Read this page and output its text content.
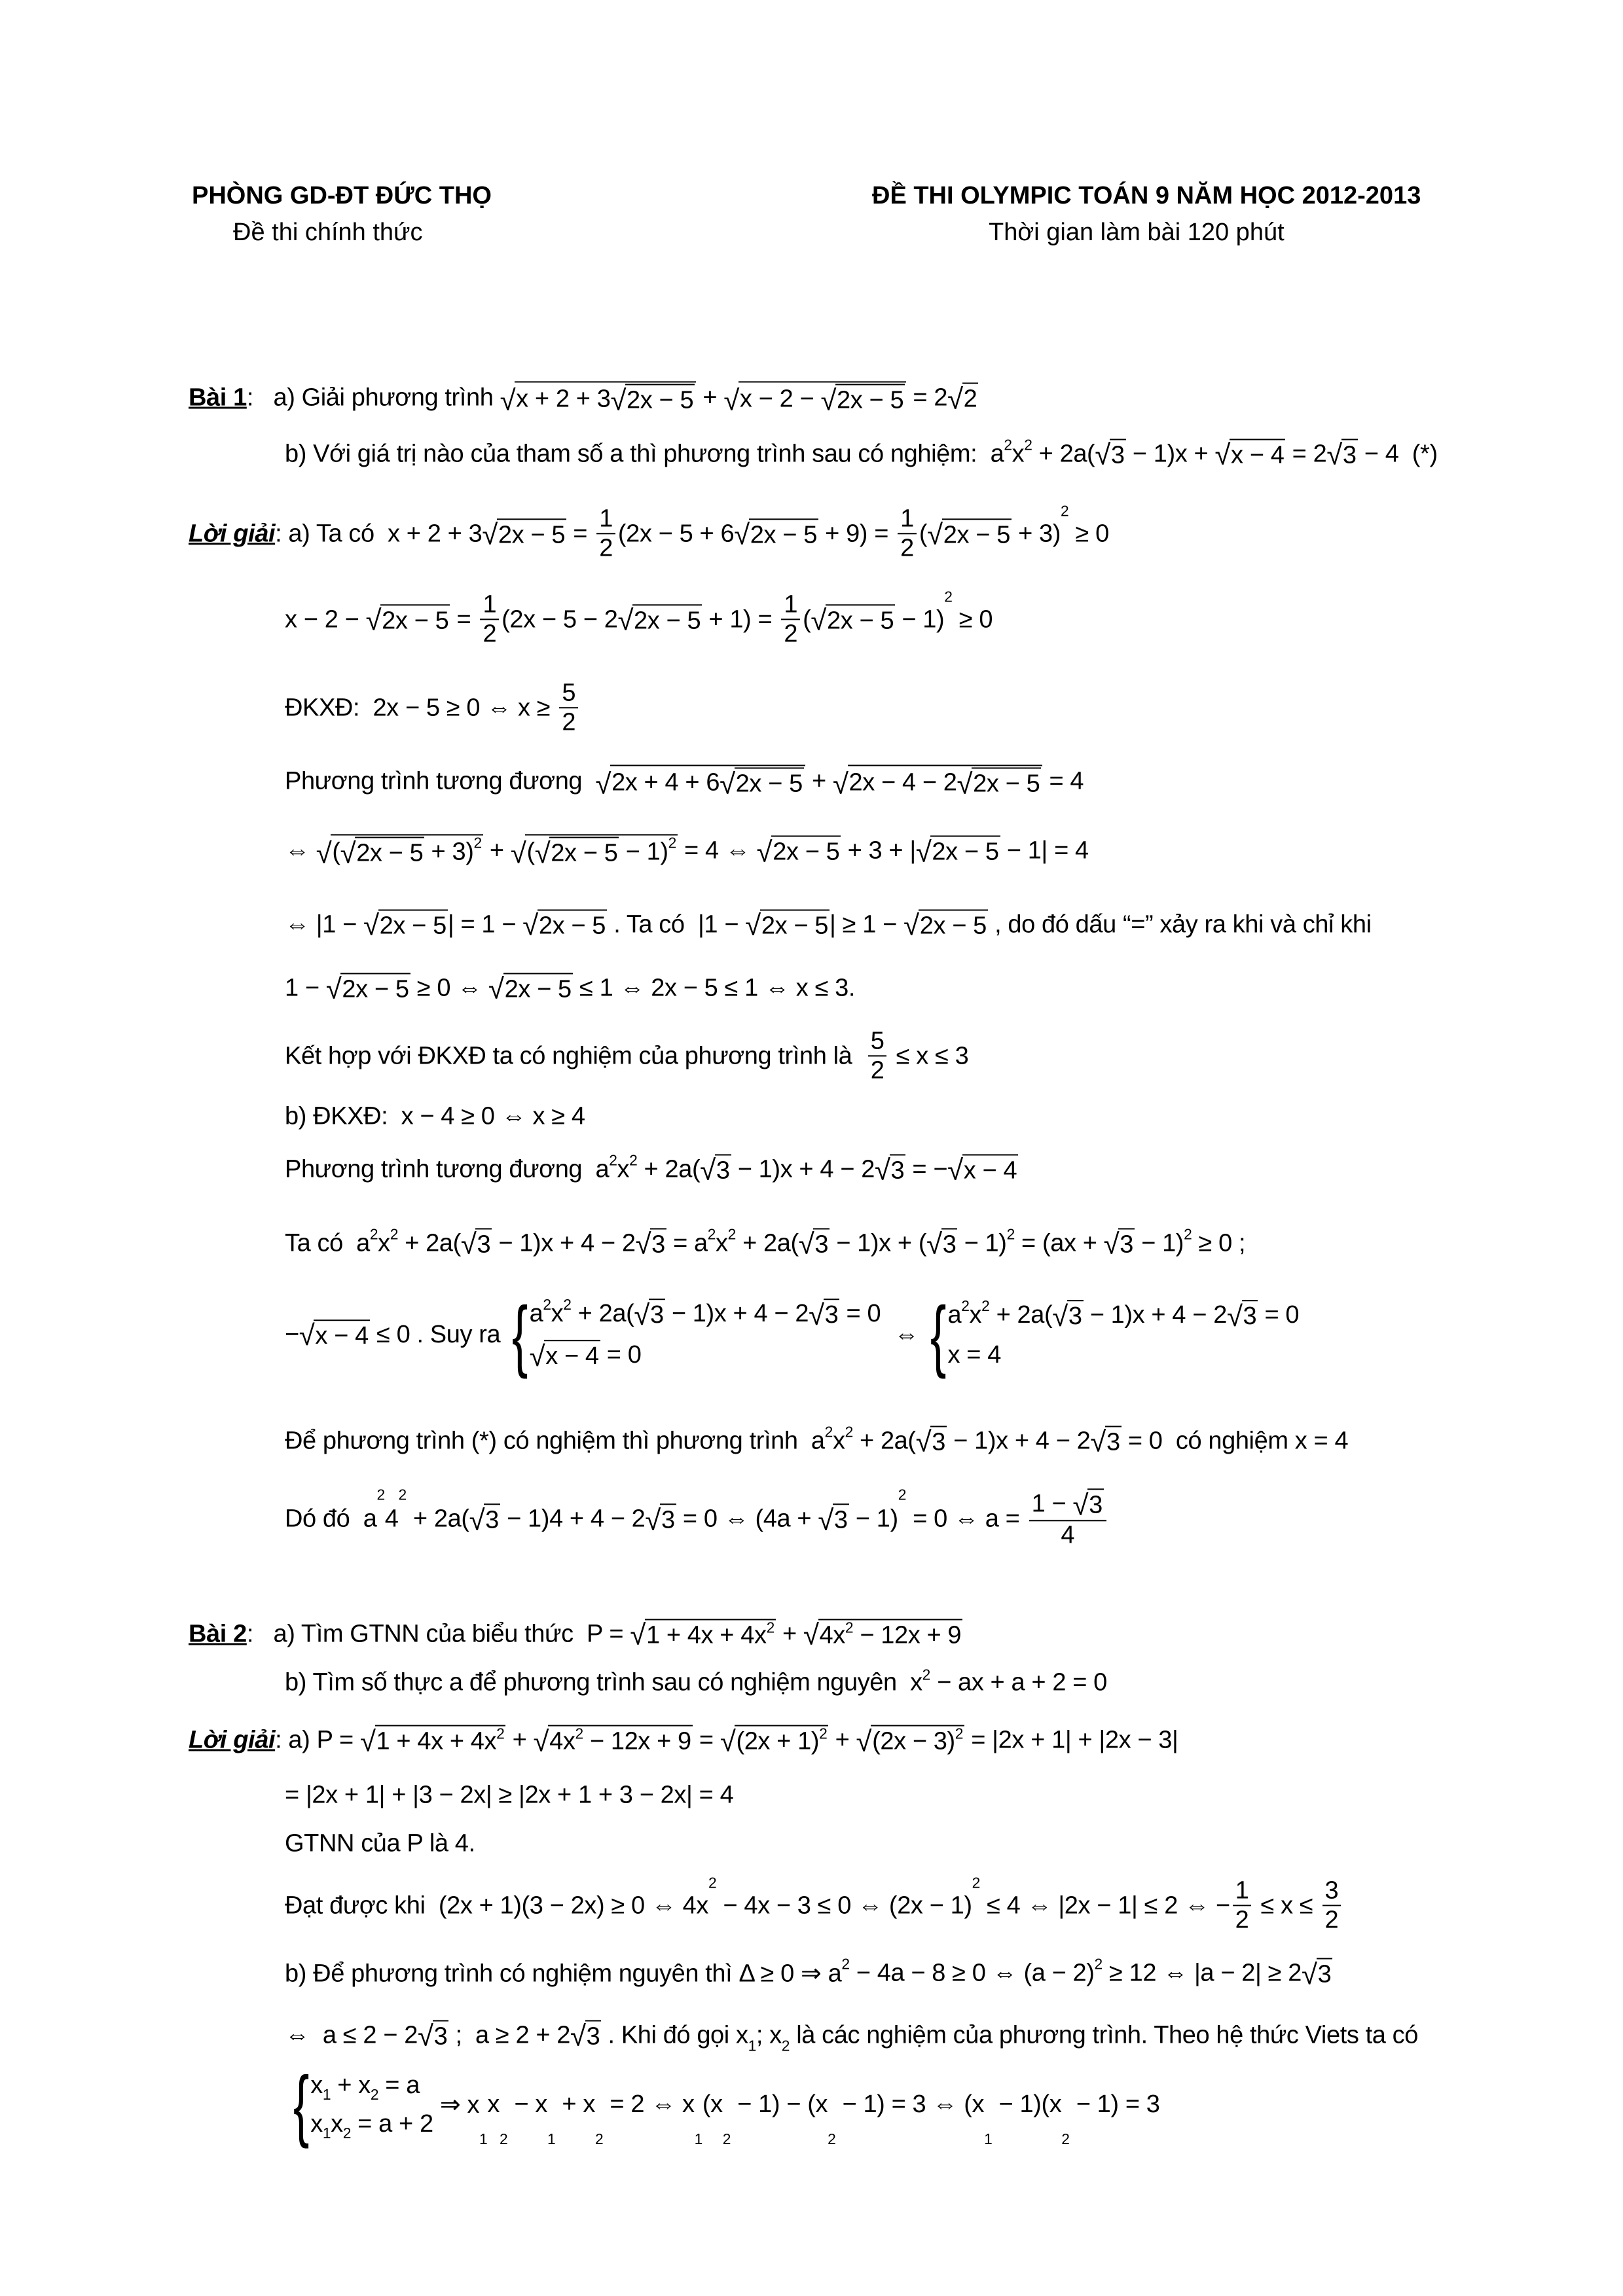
PHÒNG GD-ĐT ĐỨC THỌ
Đề thi chính thức
ĐỀ THI OLYMPIC TOÁN 9 NĂM HỌC 2012-2013
Thời gian làm bài 120 phút
Bài 1 :   a) Giải phương trình √ x + 2 + 3 √ 2x − 5 + √ x − 2 − √ 2x − 5 = 2 √ 2
b) Với giá trị nào của tham số a thì phương trình sau có nghiệm:  a 2 x 2 + 2a( √ 3 − 1)x + √ x − 4 = 2 √ 3 − 4  (*)
Lời giải : a) Ta có  x + 2 + 3 √ $2x - 5 = \frac{1}{2} (2x - 5 + 6$ √ $2x - 5 + 9) = \frac{1}{2}$ ( √ 2x − 5 + 3)
2
≥ 0
x − 2 − √ $2x - 5 = \frac{1}{2} (2x - 5 - 2$ √ $2x - 5 + 1) = \frac{1}{2}$ ( √ 2x − 5 − 1)
2
≥ 0
ĐKXĐ:  2x − 5 ≥ 0 ⇔ $x \ge \frac{5}{2}$
Phương trình tương đương √ 2x + 4 + 6 √ 2x − 5 + √ 2x − 4 − 2 √ 2x − 5 = 4
⇔ √ ( √ 2x − 5 + 3) 2 + √ ( √ 2x − 5 − 1) 2 = 4 ⇔ √ 2x − 5 + 3 + | √ 2x − 5 − 1| = 4
⇔ |1 − √ 2x − 5 | = 1 − √ 2x − 5 . Ta có  |1 − √ 2x − 5 | ≥ 1 − √ 2x − 5 , do đó dấu “=” xảy ra khi và chỉ khi
1 − √ 2x − 5 ≥ 0 ⇔ √ 2x − 5 ≤ 1 ⇔ 2x − 5 ≤ 1 ⇔ x ≤ 3.
Kết hợp với ĐKXĐ ta có nghiệm của phương trình là $\frac{5}{2} \le x \le 3$
b) ĐKXĐ:  x − 4 ≥ 0 ⇔ x ≥ 4
Phương trình tương đương  a 2 x 2 + 2a( √ 3 − 1)x + 4 − 2 √ 3 = − √ x − 4
Ta có  a 2 x 2 + 2a( √ 3 − 1)x + 4 − 2 √ 3 = a 2 x 2 + 2a( √ 3 − 1)x + ( √ 3 − 1) 2 = (ax + √ 3 − 1) 2 ≥ 0 ;
− √ x − 4 ≤ 0 . Suy ra { a 2 x 2 + 2a( √ 3 − 1)x + 4 − 2 √ 3 = 0
√ x − 4 = 0
⇔ { a 2 x 2 + 2a( √ 3 − 1)x + 4 − 2 √ 3 = 0
x = 4
Để phương trình (*) có nghiệm thì phương trình  a 2 x 2 + 2a( √ 3 − 1)x + 4 − 2 √ 3 = 0  có nghiệm x = 4
Dó đó  a
2
4
2
+ 2a( √ 3 − 1)4 + 4 − 2 √ 3 = 0 ⇔ (4a + √ 3 − 1)
2
= 0 ⇔ $a = \frac{1 - √ 3}{4}$
Bài 2 :   a) Tìm GTNN của biểu thức  P = √ 1 + 4x + 4x 2 + √ 4x 2 − 12x + 9
b) Tìm số thực a để phương trình sau có nghiệm nguyên  x 2 − ax + a + 2 = 0
Lời giải : a) P = √ 1 + 4x + 4x 2 + √ 4x 2 − 12x + 9 = √ (2x + 1) 2 + √ (2x − 3) 2 = |2x + 1| + |2x − 3|
= |2x + 1| + |3 − 2x| ≥ |2x + 1 + 3 − 2x| = 4
GTNN của P là 4.
Đạt được khi  (2x + 1)(3 − 2x) ≥ 0 ⇔ 4x
2
− 4x − 3 ≤ 0 ⇔ (2x − 1)
2
≤ 4 ⇔ |2x − 1| ≤ 2 ⇔ − $\frac{1}{2} \le x \le \frac{3}{2}$
b) Để phương trình có nghiệm nguyên thì Δ ≥ 0 ⇒ a 2 − 4a − 8 ≥ 0 ⇔ (a − 2) 2 ≥ 12 ⇔ |a − 2| ≥ 2 √ 3
⇔  a ≤ 2 − 2 √ 3 ;  a ≥ 2 + 2 √ 3 . Khi đó gọi x 1 ; x 2 là các nghiệm của phương trình. Theo hệ thức Viets ta có
{ x 1 + x 2 = a
x 1 x 2 = a + 2
⇒ x
1
x
2
− x
1
+ x
2
= 2 ⇔ x
1
(x
2
− 1) − (x
2
− 1) = 3 ⇔ (x
1
− 1)(x
2
− 1) = 3
